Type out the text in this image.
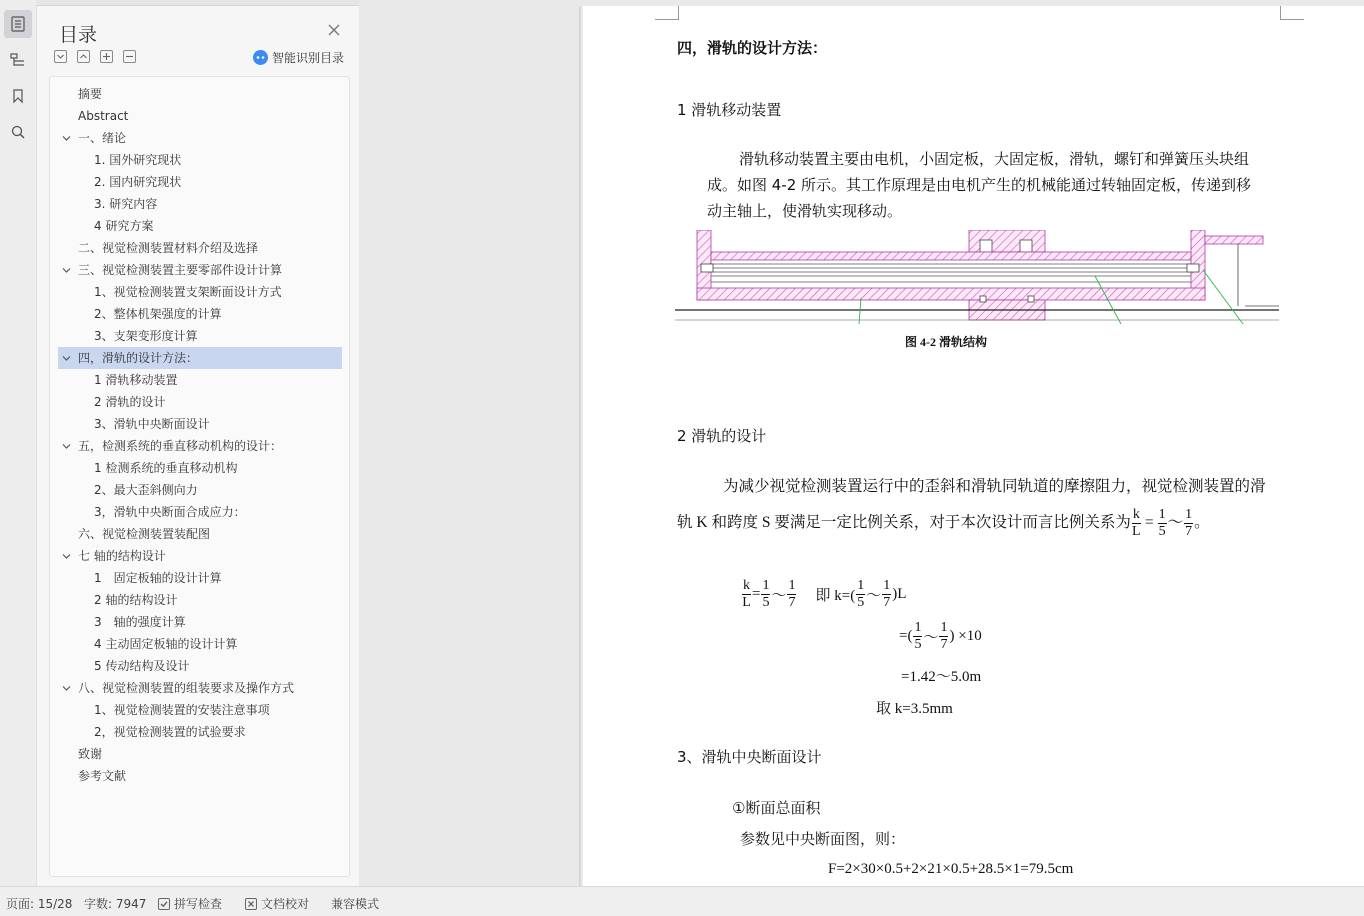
目录
智能识别目录
摘要
Abstract
一、绪论
1. 国外研究现状
2. 国内研究现状
3. 研究内容
4 研究方案
二、视觉检测装置材料介绍及选择
三、视觉检测装置主要零部件设计计算
1、视觉检测装置支架断面设计方式
2、整体机架强度的计算
3、支架变形度计算
四，滑轨的设计方法：
1 滑轨移动装置
2 滑轨的设计
3、滑轨中央断面设计
五，检测系统的垂直移动机构的设计：
1 检测系统的垂直移动机构
2、最大歪斜侧向力
3，滑轨中央断面合成应力：
六、视觉检测装置装配图
七 轴的结构设计
1　固定板轴的设计计算
2 轴的结构设计
3　轴的强度计算
4 主动固定板轴的设计计算
5 传动结构及设计
八、视觉检测装置的组装要求及操作方式
1、视觉检测装置的安装注意事项
2，视觉检测装置的试验要求
致谢
参考文献
四，滑轨的设计方法：
1 滑轨移动装置
滑轨移动装置主要由电机，小固定板，大固定板，滑轨，螺钉和弹簧压头块组
成。如图 4-2 所示。其工作原理是由电机产生的机械能通过转轴固定板，传递到移
动主轴上，使滑轨实现移动。
图 4-2 滑轨结构
2 滑轨的设计
为减少视觉检测装置运行中的歪斜和滑轨同轨道的摩擦阻力，视觉检测装置的滑
轨 K 和跨度 S 要满足一定比例关系，对于本次设计而言比例关系为 $\frac{k}{L} = \frac{1}{5}$ ～ $\frac{1}{7}$ 。
$\frac{k}{L} = \frac{1}{5}$ ～ $\frac{1}{7}$ 即 $k=( \frac{1}{5}$ ～ $\frac{1}{7} )L$
=( $\frac{1}{5}$ ～ $\frac{1}{7}$ ) ×10
=1.42～5.0m
取 k=3.5mm
3、滑轨中央断面设计
①断面总面积
参数见中央断面图，则：
F=2×30×0.5+2×21×0.5+28.5×1=79.5cm
页面: 15/28 字数: 7947	拼写检查	文档校对 兼容模式
